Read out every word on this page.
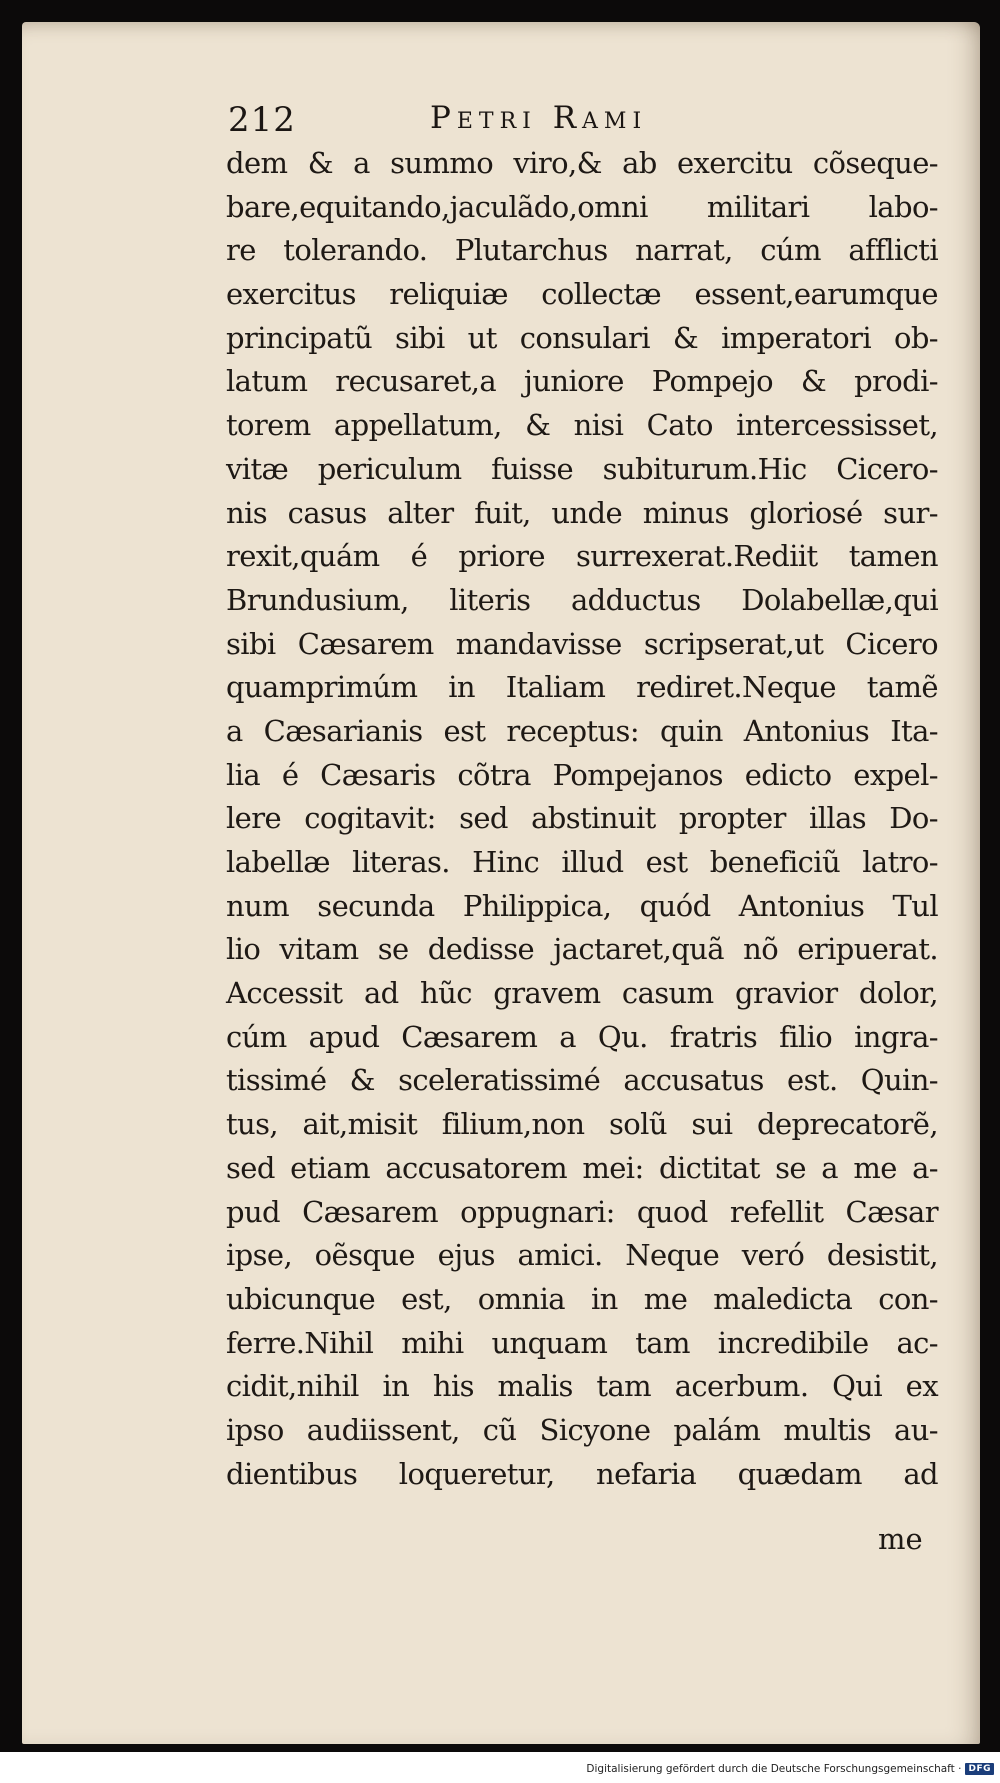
212	Petri Rami
dem & a summo viro,& ab exercitu cõseque-
bare,equitando,jaculãdo,omni militari labo-
re tolerando. Plutarchus narrat, cúm afflicti
exercitus reliquiæ collectæ essent,earumque
principatũ sibi ut consulari & imperatori ob-
latum recusaret,a juniore Pompejo & prodi-
torem appellatum, & nisi Cato intercessisset,
vitæ periculum fuisse subiturum.Hic Cicero-
nis casus alter fuit, unde minus gloriosé sur-
rexit,quám é priore surrexerat.Rediit tamen
Brundusium, literis adductus Dolabellæ,qui
sibi Cæsarem mandavisse scripserat,ut Cicero
quamprimúm in Italiam rediret.Neque tamẽ
a Cæsarianis est receptus: quin Antonius Ita-
lia é Cæsaris cõtra Pompejanos edicto expel-
lere cogitavit: sed abstinuit propter illas Do-
labellæ literas. Hinc illud est beneficiũ latro-
num secunda Philippica, quód Antonius Tul
lio vitam se dedisse jactaret,quã nõ eripuerat.
Accessit ad hũc gravem casum gravior dolor,
cúm apud Cæsarem a Qu. fratris filio ingra-
tissimé & sceleratissimé accusatus est. Quin-
tus, ait,misit filium,non solũ sui deprecatorẽ,
sed etiam accusatorem mei: dictitat se a me a-
pud Cæsarem oppugnari: quod refellit Cæsar
ipse, oẽsque ejus amici. Neque veró desistit,
ubicunque est, omnia in me maledicta con-
ferre.Nihil mihi unquam tam incredibile ac-
cidit,nihil in his malis tam acerbum. Qui ex
ipso audiissent, cũ Sicyone palám multis au-
dientibus loqueretur, nefaria quædam ad
me
Digitalisierung gefördert durch die Deutsche Forschungsgemeinschaft · DFG
